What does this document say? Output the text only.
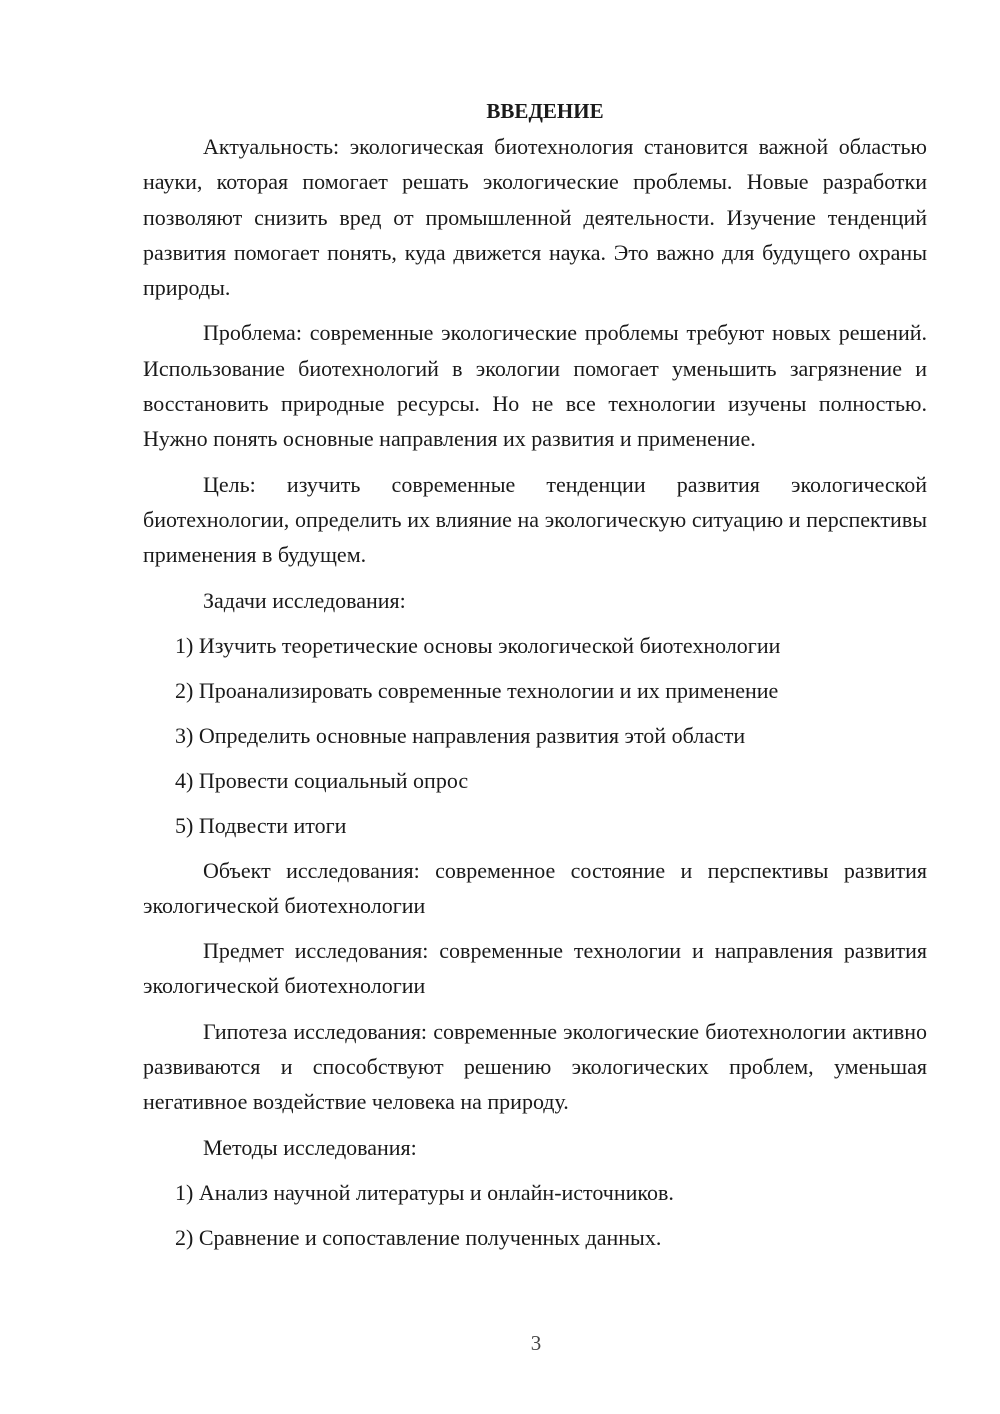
ВВЕДЕНИЕ

Актуальность: экологическая биотехнология становится важной областью науки, которая помогает решать экологические проблемы. Новые разработки позволяют снизить вред от промышленной деятельности. Изучение тенденций развития помогает понять, куда движется наука. Это важно для будущего охраны природы.

Проблема: современные экологические проблемы требуют новых решений. Использование биотехнологий в экологии помогает уменьшить загрязнение и восстановить природные ресурсы. Но не все технологии изучены полностью. Нужно понять основные направления их развития и применение.

Цель: изучить современные тенденции развития экологической биотехнологии, определить их влияние на экологическую ситуацию и перспективы применения в будущем.

Задачи исследования:

1) Изучить теоретические основы экологической биотехнологии
2) Проанализировать современные технологии и их применение
3) Определить основные направления развития этой области
4) Провести социальный опрос
5) Подвести итоги

Объект исследования: современное состояние и перспективы развития экологической биотехнологии

Предмет исследования: современные технологии и направления развития экологической биотехнологии

Гипотеза исследования: современные экологические биотехнологии активно развиваются и способствуют решению экологических проблем, уменьшая негативное воздействие человека на природу.

Методы исследования:

1) Анализ научной литературы и онлайн-источников.
2) Сравнение и сопоставление полученных данных.
3
